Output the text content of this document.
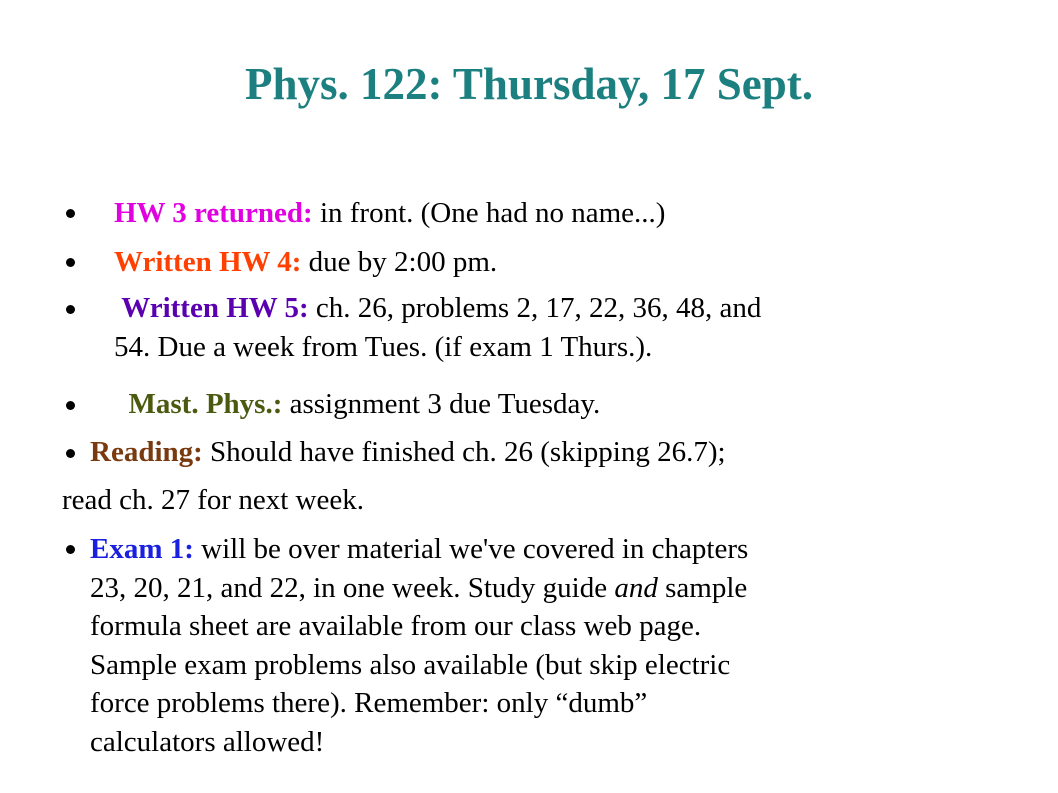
Phys. 122: Thursday, 17 Sept.
HW 3 returned: in front. (One had no name...)
Written HW 4: due by 2:00 pm.
Written HW 5: ch. 26, problems 2, 17, 22, 36, 48, and
54. Due a week from Tues. (if exam 1 Thurs.).
Mast. Phys.: assignment 3 due Tuesday.
Reading: Should have finished ch. 26 (skipping 26.7);
read ch. 27 for next week.
Exam 1: will be over material we've covered in chapters
23, 20, 21, and 22, in one week. Study guide and sample
formula sheet are available from our class web page.
Sample exam problems also available (but skip electric
force problems there). Remember: only “dumb”
calculators allowed!
